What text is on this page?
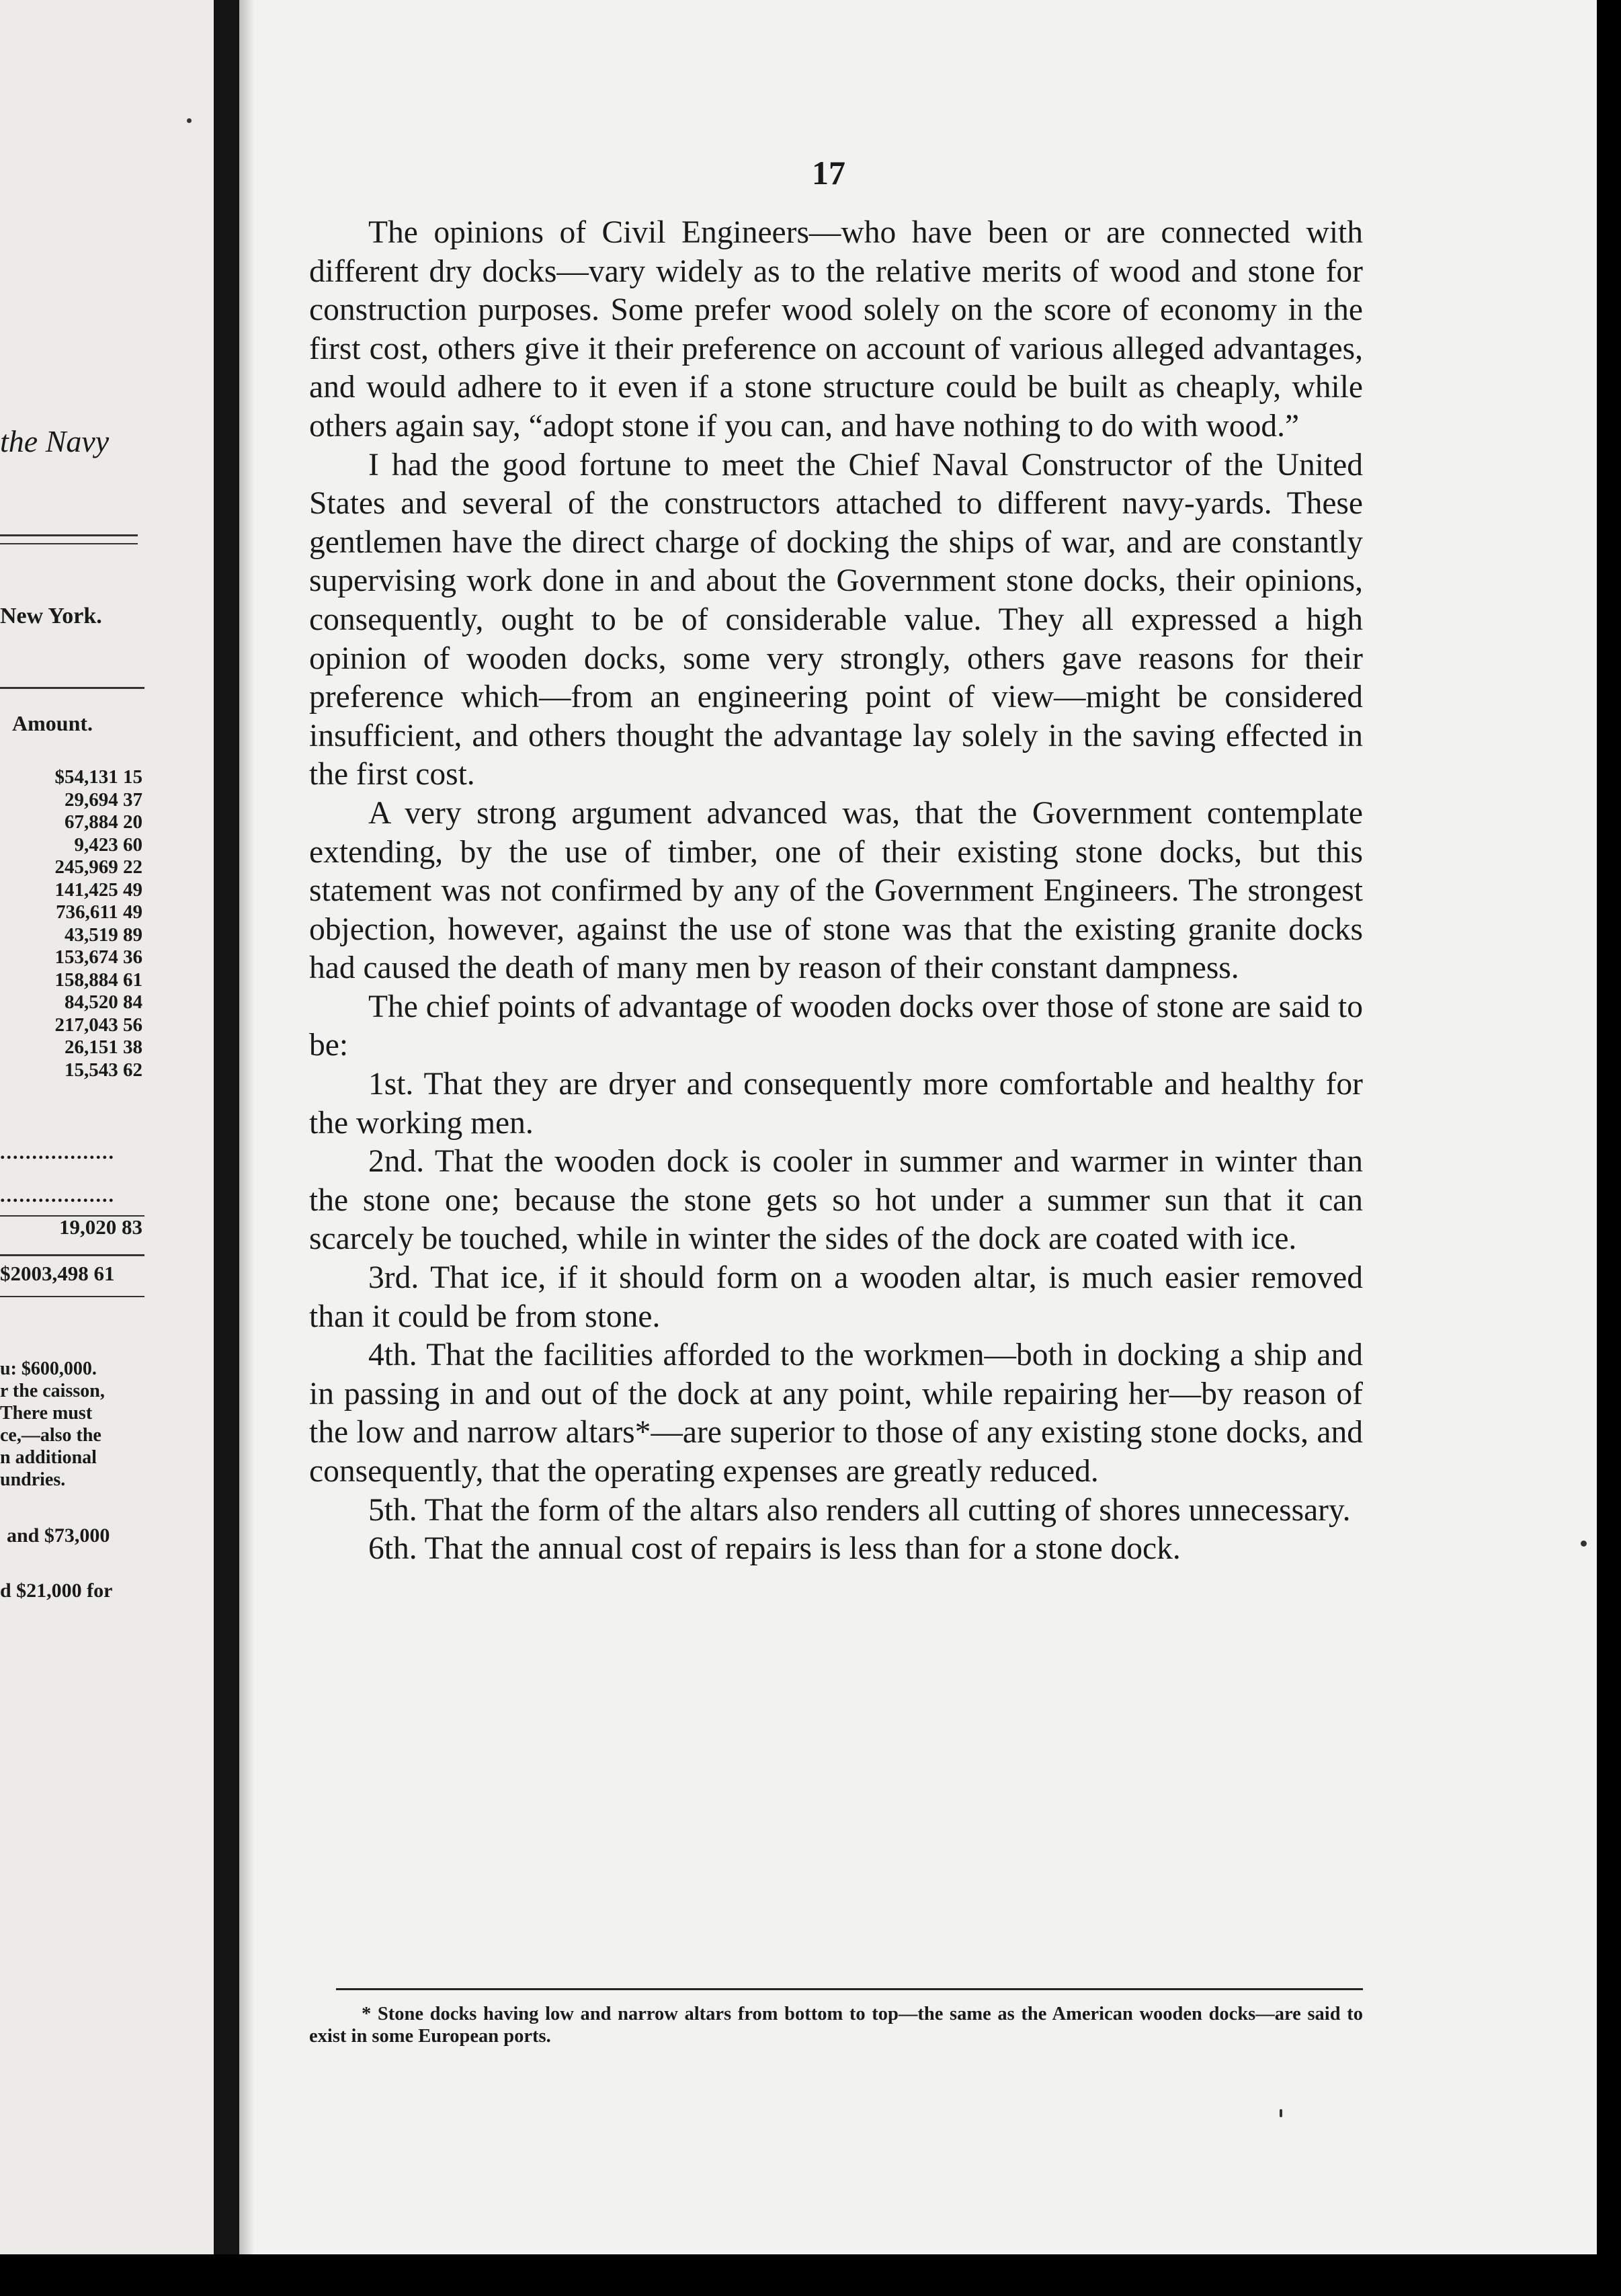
the Navy
New York.
Amount.
$54,131 15
29,694 37
67,884 20
9,423 60
245,969 22
141,425 49
736,611 49
43,519 89
153,674 36
158,884 61
84,520 84
217,043 56
26,151 38
15,543 62
..................
..................
19,020 83
$2003,498 61
u: $600,000.
r the caisson,
There must
ce,—also the
n additional
undries.
and $73,000
d $21,000 for
17

The opinions of Civil Engineers—who have been or are connected with different dry docks—vary widely as to the relative merits of wood and stone for construction purposes. Some prefer wood solely on the score of economy in the first cost, others give it their preference on account of various alleged advantages, and would adhere to it even if a stone structure could be built as cheaply, while others again say, “adopt stone if you can, and have nothing to do with wood.”

I had the good fortune to meet the Chief Naval Constructor of the United States and several of the constructors attached to different navy-yards. These gentlemen have the direct charge of docking the ships of war, and are constantly supervising work done in and about the Government stone docks, their opinions, consequently, ought to be of considerable value. They all expressed a high opinion of wooden docks, some very strongly, others gave reasons for their preference which—from an engineering point of view—might be considered insufficient, and others thought the advantage lay solely in the saving effected in the first cost.

A very strong argument advanced was, that the Government contemplate extending, by the use of timber, one of their existing stone docks, but this statement was not confirmed by any of the Government Engineers. The strongest objection, however, against the use of stone was that the existing granite docks had caused the death of many men by reason of their constant dampness.

The chief points of advantage of wooden docks over those of stone are said to be:

1st. That they are dryer and consequently more comfortable and healthy for the working men.

2nd. That the wooden dock is cooler in summer and warmer in winter than the stone one; because the stone gets so hot under a summer sun that it can scarcely be touched, while in winter the sides of the dock are coated with ice.

3rd. That ice, if it should form on a wooden altar, is much easier removed than it could be from stone.

4th. That the facilities afforded to the workmen—both in docking a ship and in passing in and out of the dock at any point, while repairing her—by reason of the low and narrow altars*—are superior to those of any existing stone docks, and consequently, that the operating expenses are greatly reduced.

5th. That the form of the altars also renders all cutting of shores unnecessary.

6th. That the annual cost of repairs is less than for a stone dock.

* Stone docks having low and narrow altars from bottom to top—the same as the American wooden docks—are said to exist in some European ports.
